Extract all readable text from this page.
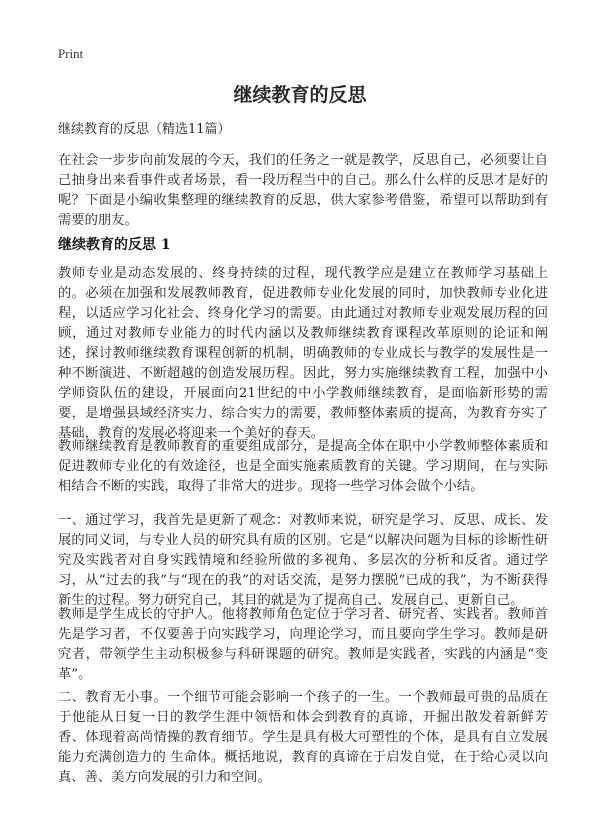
Print
继续教育的反思
继续教育的反思（精选11篇）
在社会一步步向前发展的今天，我们的任务之一就是教学，反思自己，必须要让自己抽身出来看事件或者场景，看一段历程当中的自己。那么什么样的反思才是好的呢？下面是小编收集整理的继续教育的反思，供大家参考借鉴，希望可以帮助到有需要的朋友。
继续教育的反思 1
教师专业是动态发展的、终身持续的过程，现代教学应是建立在教师学习基础上的。必须在加强和发展教师教育，促进教师专业化发展的同时，加快教师专业化进程，以适应学习化社会、终身化学习的需要。由此通过对教师专业观发展历程的回顾，通过对教师专业能力的时代内涵以及教师继续教育课程改革原则的论证和阐述，探讨教师继续教育课程创新的机制，明确教师的专业成长与教学的发展性是一种不断演进、不断超越的创造发展历程。因此，努力实施继续教育工程，加强中小学师资队伍的建设，开展面向21世纪的中小学教师继续教育，是面临新形势的需要，是增强县域经济实力、综合实力的需要，教师整体素质的提高，为教育夯实了基础，教育的发展必将迎来一个美好的春天。
教师继续教育是教师教育的重要组成部分，是提高全体在职中小学教师整体素质和促进教师专业化的有效途径，也是全面实施素质教育的关键。学习期间，在与实际相结合不断的实践，取得了非常大的进步。现将一些学习体会做个小结。
一、通过学习，我首先是更新了观念：对教师来说，研究是学习、反思、成长、发展的同义词，与专业人员的研究具有质的区别。它是“以解决问题为目标的诊断性研究及实践者对自身实践情境和经验所做的多视角、多层次的分析和反省。通过学习，从“过去的我”与“现在的我”的对话交流，是努力摆脱“已成的我”，为不断获得新生的过程。努力研究自己，其目的就是为了提高自己、发展自己、更新自己。
教师是学生成长的守护人。他将教师角色定位于学习者、研究者、实践者。教师首先是学习者，不仅要善于向实践学习，向理论学习，而且要向学生学习。教师是研究者，带领学生主动积极参与科研课题的研究。教师是实践者，实践的内涵是“变革”。
二、教育无小事。一个细节可能会影响一个孩子的一生。一个教师最可贵的品质在于他能从日复一日的教学生涯中领悟和体会到教育的真谛，开掘出散发着新鲜芳香、体现着高尚情操的教育细节。学生是具有极大可塑性的个体，是具有自立发展能力充满创造力的 生命体。概括地说，教育的真谛在于启发自觉，在于给心灵以向真、善、美方向发展的引力和空间。
